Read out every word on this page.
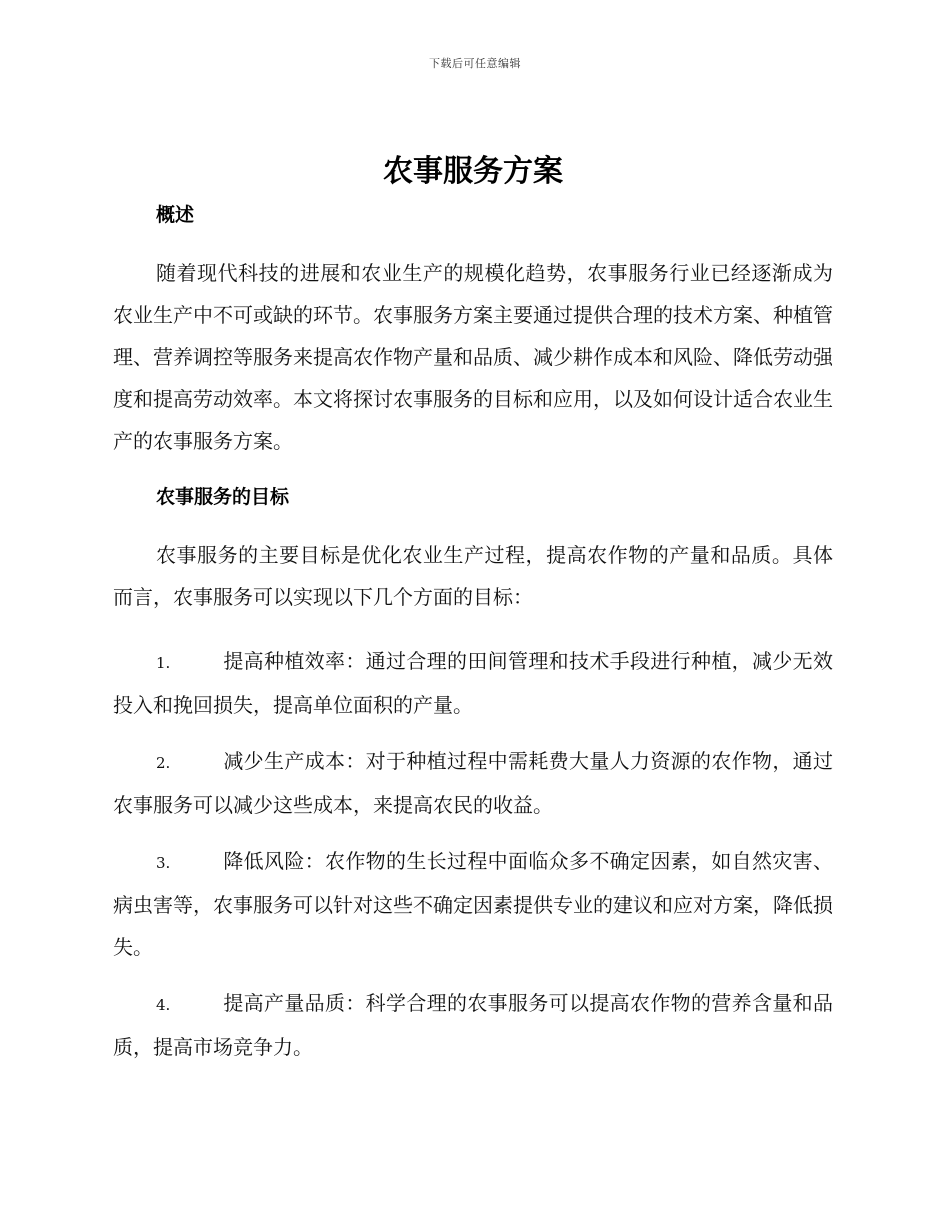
下载后可任意编辑
农事服务方案
概述

随着现代科技的进展和农业生产的规模化趋势，农事服务行业已经逐渐成为农业生产中不可或缺的环节。农事服务方案主要通过提供合理的技术方案、种植管理、营养调控等服务来提高农作物产量和品质、减少耕作成本和风险、降低劳动强度和提高劳动效率。本文将探讨农事服务的目标和应用，以及如何设计适合农业生产的农事服务方案。

农事服务的目标

农事服务的主要目标是优化农业生产过程，提高农作物的产量和品质。具体而言，农事服务可以实现以下几个方面的目标：

1.	提高种植效率：通过合理的田间管理和技术手段进行种植，减少无效投入和挽回损失，提高单位面积的产量。
2.	减少生产成本：对于种植过程中需耗费大量人力资源的农作物，通过农事服务可以减少这些成本，来提高农民的收益。
3.	降低风险：农作物的生长过程中面临众多不确定因素，如自然灾害、病虫害等，农事服务可以针对这些不确定因素提供专业的建议和应对方案，降低损失。
4.	提高产量品质：科学合理的农事服务可以提高农作物的营养含量和品质，提高市场竞争力。
